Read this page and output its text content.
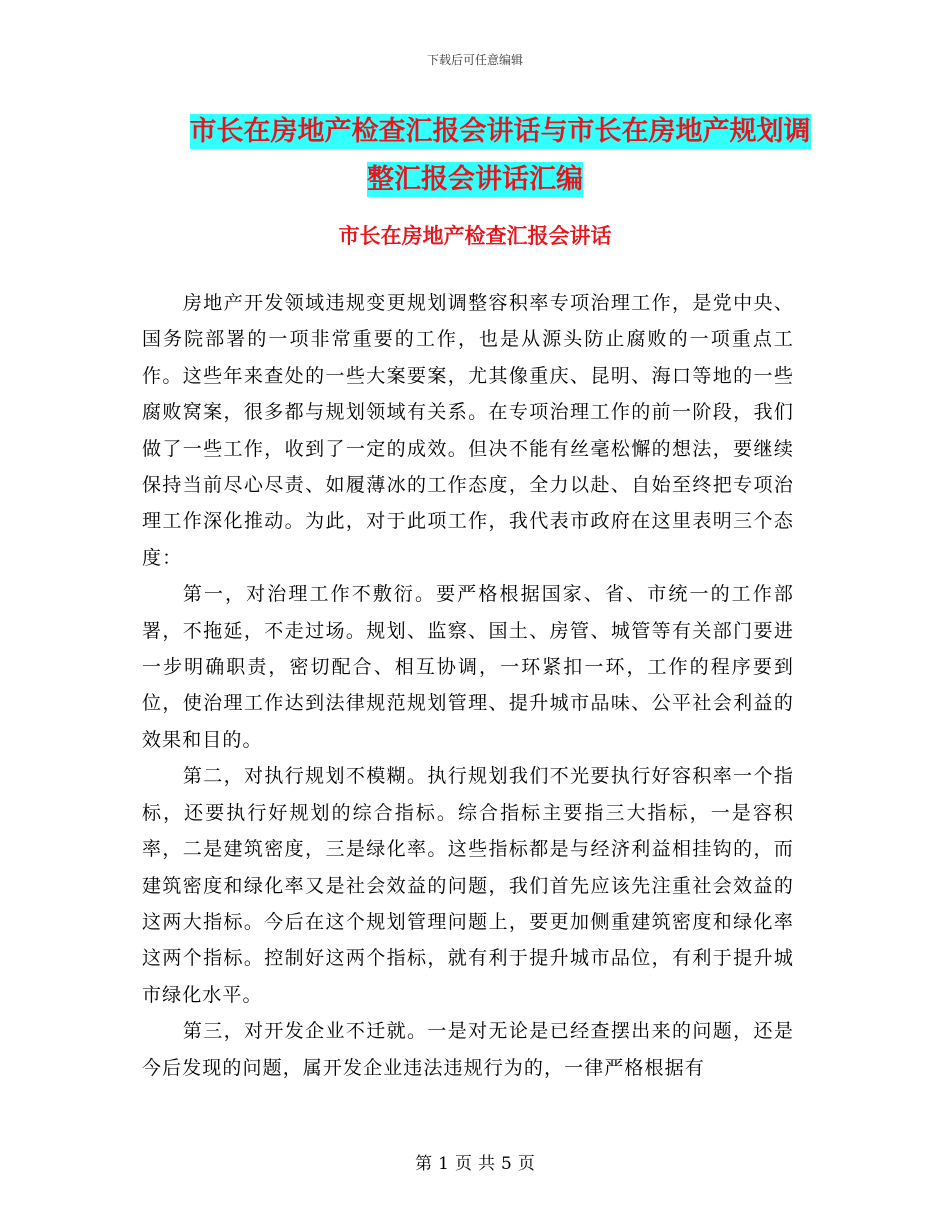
下载后可任意编辑
市长在房地产检查汇报会讲话与市长在房地产规划调
整汇报会讲话汇编
市长在房地产检查汇报会讲话

房地产开发领域违规变更规划调整容积率专项治理工作，是党中央、国务院部署的一项非常重要的工作，也是从源头防止腐败的一项重点工作。这些年来查处的一些大案要案，尤其像重庆、昆明、海口等地的一些腐败窝案，很多都与规划领域有关系。在专项治理工作的前一阶段，我们做了一些工作，收到了一定的成效。但决不能有丝毫松懈的想法，要继续保持当前尽心尽责、如履薄冰的工作态度，全力以赴、自始至终把专项治理工作深化推动。为此，对于此项工作，我代表市政府在这里表明三个态度：

第一，对治理工作不敷衍。要严格根据国家、省、市统一的工作部署，不拖延，不走过场。规划、监察、国土、房管、城管等有关部门要进一步明确职责，密切配合、相互协调，一环紧扣一环，工作的程序要到位，使治理工作达到法律规范规划管理、提升城市品味、公平社会利益的效果和目的。

第二，对执行规划不模糊。执行规划我们不光要执行好容积率一个指标，还要执行好规划的综合指标。综合指标主要指三大指标，一是容积率，二是建筑密度，三是绿化率。这些指标都是与经济利益相挂钩的，而建筑密度和绿化率又是社会效益的问题，我们首先应该先注重社会效益的这两大指标。今后在这个规划管理问题上，要更加侧重建筑密度和绿化率这两个指标。控制好这两个指标，就有利于提升城市品位，有利于提升城市绿化水平。

第三，对开发企业不迁就。一是对无论是已经查摆出来的问题，还是今后发现的问题，属开发企业违法违规行为的，一律严格根据有

第 1 页 共 5 页
